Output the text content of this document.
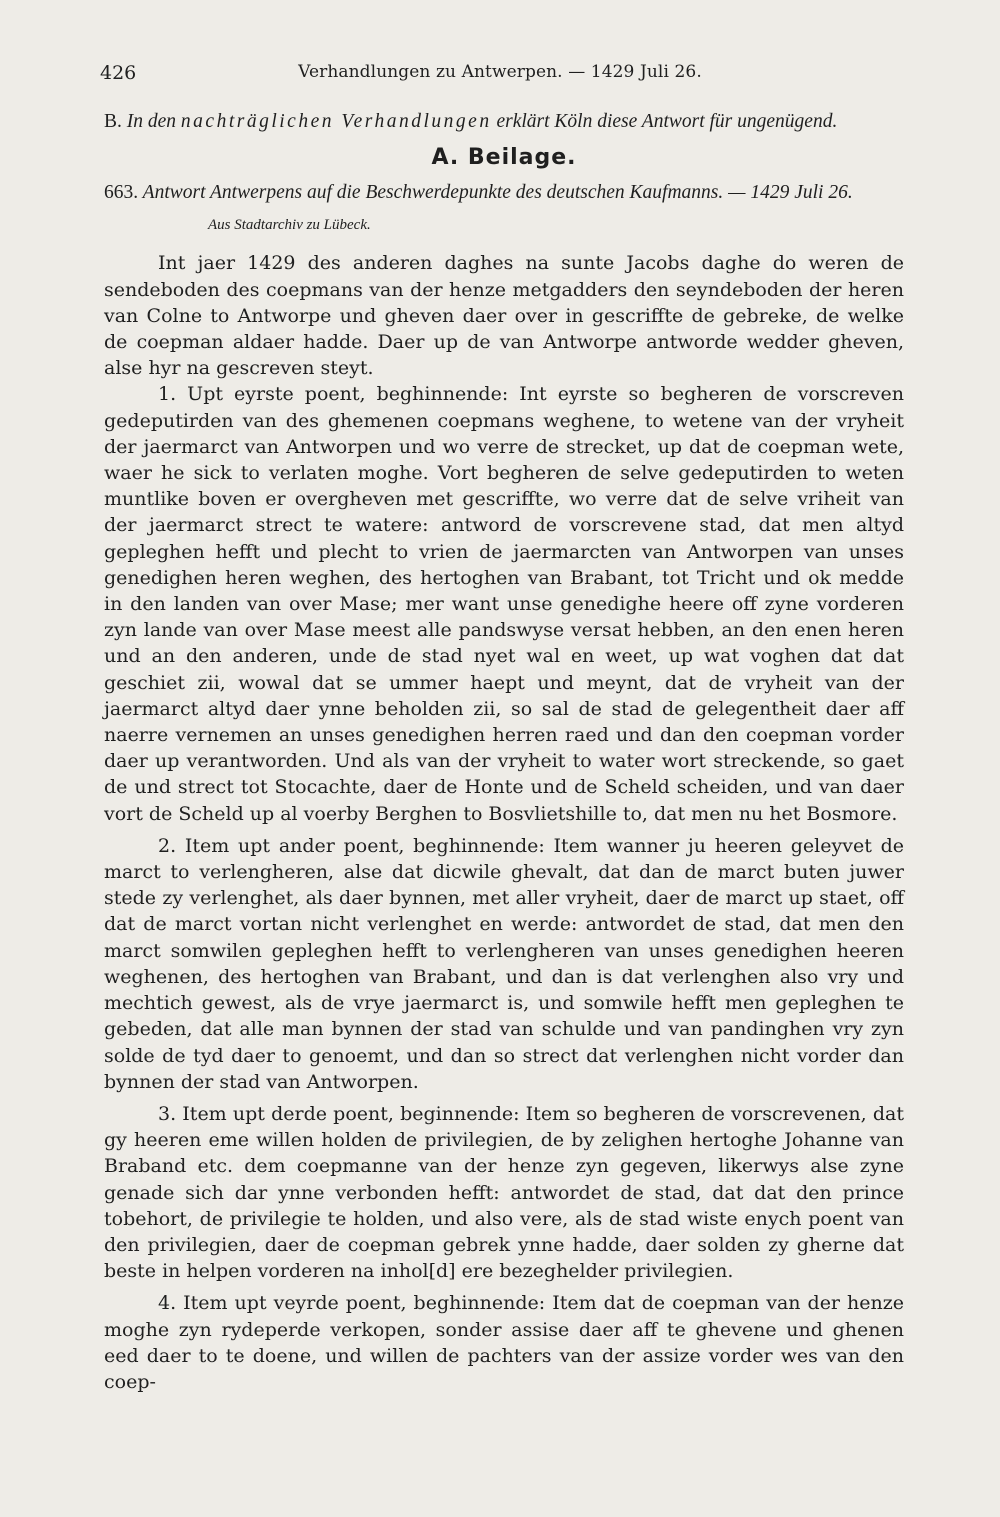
426	Verhandlungen zu Antwerpen. — 1429 Juli 26.

B. In den nachträglichen Verhandlungen erklärt Köln diese Antwort für ungenügend.

A. Beilage.

663. Antwort Antwerpens auf die Beschwerdepunkte des deutschen Kaufmanns. — 1429 Juli 26.

Aus Stadtarchiv zu Lübeck.

Int jaer 1429 des anderen daghes na sunte Jacobs daghe do weren de sendeboden des coepmans van der henze metgadders den seyndeboden der heren van Colne to Antworpe und gheven daer over in gescriffte de gebreke, de welke de coepman aldaer hadde. Daer up de van Antworpe antworde wedder gheven, alse hyr na gescreven steyt.

1. Upt eyrste poent, beghinnende: Int eyrste so begheren de vorscreven gedeputirden van des ghemenen coepmans weghene, to wetene van der vryheit der jaermarct van Antworpen und wo verre de strecket, up dat de coepman wete, waer he sick to verlaten moghe. Vort begheren de selve gedeputirden to weten muntlike boven er overgheven met gescriffte, wo verre dat de selve vriheit van der jaermarct strect te watere: antword de vorscrevene stad, dat men altyd gepleghen hefft und plecht to vrien de jaermarcten van Antworpen van unses genedighen heren weghen, des hertoghen van Brabant, tot Tricht und ok medde in den landen van over Mase; mer want unse genedighe heere off zyne vorderen zyn lande van over Mase meest alle pandswyse versat hebben, an den enen heren und an den anderen, unde de stad nyet wal en weet, up wat voghen dat dat geschiet zii, wowal dat se ummer haept und meynt, dat de vryheit van der jaermarct altyd daer ynne beholden zii, so sal de stad de gelegentheit daer aff naerre vernemen an unses genedighen herren raed und dan den coepman vorder daer up verantworden. Und als van der vryheit to water wort streckende, so gaet de und strect tot Stocachte, daer de Honte und de Scheld scheiden, und van daer vort de Scheld up al voerby Berghen to Bosvlietshille to, dat men nu het Bosmore.

2. Item upt ander poent, beghinnende: Item wanner ju heeren geleyvet de marct to verlengheren, alse dat dicwile ghevalt, dat dan de marct buten juwer stede zy verlenghet, als daer bynnen, met aller vryheit, daer de marct up staet, off dat de marct vortan nicht verlenghet en werde: antwordet de stad, dat men den marct somwilen gepleghen hefft to verlengheren van unses genedighen heeren weghenen, des hertoghen van Brabant, und dan is dat verlenghen also vry und mechtich gewest, als de vrye jaermarct is, und somwile hefft men gepleghen te gebeden, dat alle man bynnen der stad van schulde und van pandinghen vry zyn solde de tyd daer to genoemt, und dan so strect dat verlenghen nicht vorder dan bynnen der stad van Antworpen.

3. Item upt derde poent, beginnende: Item so begheren de vorscrevenen, dat gy heeren eme willen holden de privilegien, de by zelighen hertoghe Johanne van Braband etc. dem coepmanne van der henze zyn gegeven, likerwys alse zyne genade sich dar ynne verbonden hefft: antwordet de stad, dat dat den prince tobehort, de privilegie te holden, und also vere, als de stad wiste enych poent van den privilegien, daer de coepman gebrek ynne hadde, daer solden zy gherne dat beste in helpen vorderen na inhol[d] ere bezeghelder privilegien.

4. Item upt veyrde poent, beghinnende: Item dat de coepman van der henze moghe zyn rydeperde verkopen, sonder assise daer aff te ghevene und ghenen eed daer to te doene, und willen de pachters van der assize vorder wes van den coep-
